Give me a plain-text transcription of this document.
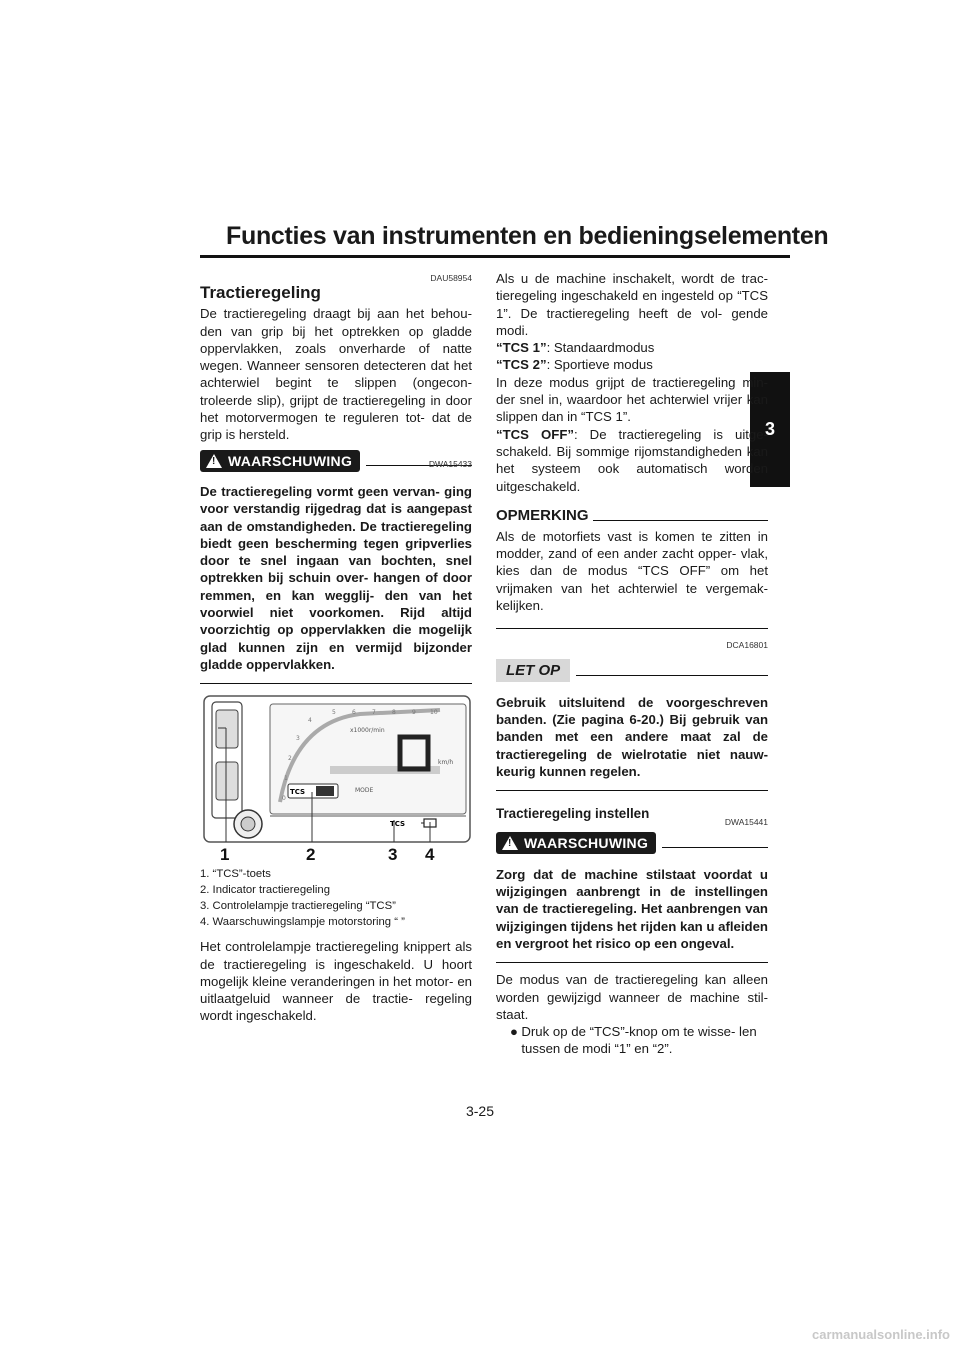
Functies van instrumenten en bedieningselementen
3

DAU58954

Tractieregeling

De tractieregeling draagt bij aan het behou- den van grip bij het optrekken op gladde oppervlakken, zoals onverharde of natte wegen. Wanneer sensoren detecteren dat het achterwiel begint te slippen (ongecon- troleerde slip), grijpt de tractieregeling in door het motorvermogen te reguleren tot- dat de grip is hersteld.

!
WAARSCHUWING	DWA15433

De tractieregeling vormt geen vervan- ging voor verstandig rijgedrag dat is aangepast aan de omstandigheden. De tractieregeling biedt geen bescherming tegen gripverlies door te snel ingaan van bochten, snel optrekken bij schuin over- hangen of door remmen, en kan wegglij- den van het voorwiel niet voorkomen. Rijd altijd voorzichtig op oppervlakken die mogelijk glad kunnen zijn en vermijd bijzonder gladde oppervlakken.

TCS
x1000r/min
km/h
MODE
TCS
0
1
2
3
4
5	6	7	8	9 10
1	2	3 4
1. “TCS”-toets
2. Indicator tractieregeling
3. Controlelampje tractieregeling “TCS”
4. Waarschuwingslampje motorstoring “ ”

Het controlelampje tractieregeling knippert als de tractieregeling is ingeschakeld. U hoort mogelijk kleine veranderingen in het motor- en uitlaatgeluid wanneer de tractie- regeling wordt ingeschakeld.

Als u de machine inschakelt, wordt de trac- tieregeling ingeschakeld en ingesteld op “TCS 1”. De tractieregeling heeft de vol- gende modi.

“TCS 1”: Standaardmodus

“TCS 2”: Sportieve modus

In deze modus grijpt de tractieregeling min- der snel in, waardoor het achterwiel vrijer kan slippen dan in “TCS 1”.

“TCS OFF”: De tractieregeling is uitge- schakeld. Bij sommige rijomstandigheden kan het systeem ook automatisch worden uitgeschakeld.

OPMERKING

Als de motorfiets vast is komen te zitten in modder, zand of een ander zacht opper- vlak, kies dan de modus “TCS OFF” om het vrijmaken van het achterwiel te vergemak- kelijken.

DCA16801

LET OP

Gebruik uitsluitend de voorgeschreven banden. (Zie pagina 6-20.) Bij gebruik van banden met een andere maat zal de tractieregeling de wielrotatie niet nauw- keurig kunnen regelen.

Tractieregeling instellen

DWA15441

!
WAARSCHUWING

Zorg dat de machine stilstaat voordat u wijzigingen aanbrengt in de instellingen van de tractieregeling. Het aanbrengen van wijzigingen tijdens het rijden kan u afleiden en vergroot het risico op een ongeval.

De modus van de tractieregeling kan alleen worden gewijzigd wanneer de machine stil- staat.

● Druk op de “TCS”-knop om te wisse- len tussen de modi “1” en “2”.
3-25
carmanualsonline.info
